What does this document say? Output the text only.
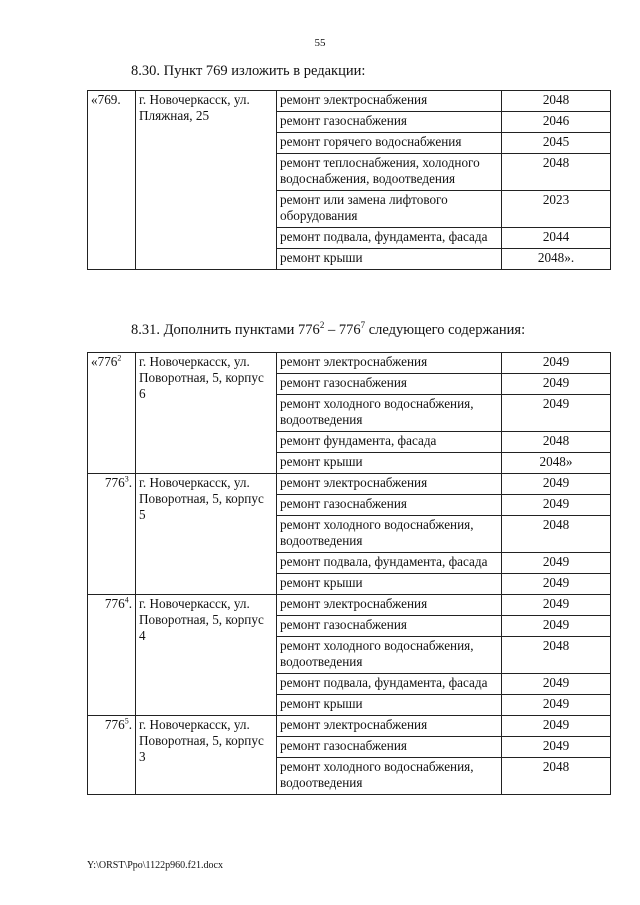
55
8.30. Пункт 769 изложить в редакции:
«769.	г. Новочеркасск, ул. Пляжная, 25	ремонт электроснабжения	2048
		ремонт газоснабжения	2046
		ремонт горячего водоснабжения	2045
		ремонт теплоснабжения, холодного водоснабжения, водоотведения	2048
		ремонт или замена лифтового оборудования	2023
		ремонт подвала, фундамента, фасада	2044
		ремонт крыши	2048».
8.31. Дополнить пунктами $776^2 - 776^7$ следующего содержания:
«$776^2$	г. Новочеркасск, ул. Поворотная, 5, корпус 6	ремонт электроснабжения	2049
		ремонт газоснабжения	2049
		ремонт холодного водоснабжения, водоотведения	2049
		ремонт фундамента, фасада	2048
		ремонт крыши	2048»
$776^3$.	г. Новочеркасск, ул. Поворотная, 5, корпус 5	ремонт электроснабжения	2049
		ремонт газоснабжения	2049
		ремонт холодного водоснабжения, водоотведения	2048
		ремонт подвала, фундамента, фасада	2049
		ремонт крыши	2049
$776^4$.	г. Новочеркасск, ул. Поворотная, 5, корпус 4	ремонт электроснабжения	2049
		ремонт газоснабжения	2049
		ремонт холодного водоснабжения, водоотведения	2048
		ремонт подвала, фундамента, фасада	2049
		ремонт крыши	2049
$776^5$.	г. Новочеркасск, ул. Поворотная, 5, корпус 3	ремонт электроснабжения	2049
		ремонт газоснабжения	2049
		ремонт холодного водоснабжения, водоотведения	2048
Y:\ORST\Ppo\1122p960.f21.docx
